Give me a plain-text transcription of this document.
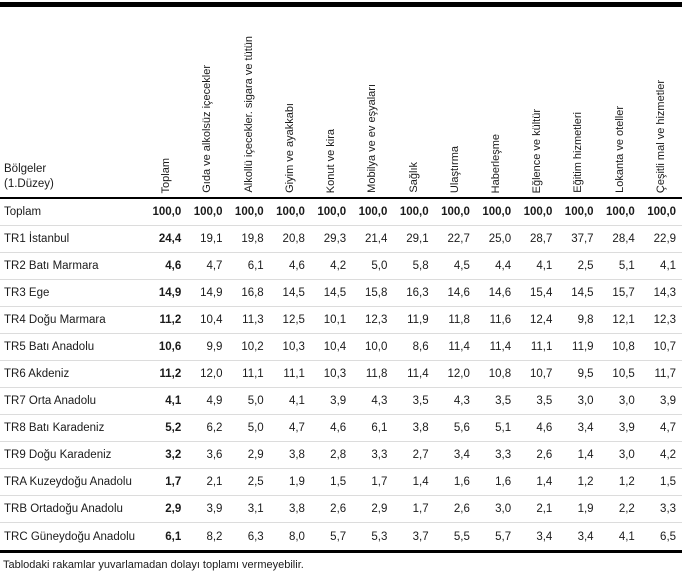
Bölgeler
(1.Düzey)	Toplam	Gıda ve alkolsüz içecekler	Alkollü içecekler. sigara ve tütün	Giyim ve ayakkabı	Konut ve kira	Mobilya ve ev eşyaları	Sağlık	Ulaştırma	Haberleşme	Eğlence ve kültür	Eğitim hizmetleri	Lokanta ve oteller	Çeşitli mal ve hizmetler
Toplam	100,0	100,0	100,0	100,0	100,0	100,0	100,0	100,0	100,0	100,0	100,0	100,0	100,0
TR1 İstanbul	24,4	19,1	19,8	20,8	29,3	21,4	29,1	22,7	25,0	28,7	37,7	28,4	22,9
TR2 Batı Marmara	4,6	4,7	6,1	4,6	4,2	5,0	5,8	4,5	4,4	4,1	2,5	5,1	4,1
TR3 Ege	14,9	14,9	16,8	14,5	14,5	15,8	16,3	14,6	14,6	15,4	14,5	15,7	14,3
TR4 Doğu Marmara	11,2	10,4	11,3	12,5	10,1	12,3	11,9	11,8	11,6	12,4	9,8	12,1	12,3
TR5 Batı Anadolu	10,6	9,9	10,2	10,3	10,4	10,0	8,6	11,4	11,4	11,1	11,9	10,8	10,7
TR6 Akdeniz	11,2	12,0	11,1	11,1	10,3	11,8	11,4	12,0	10,8	10,7	9,5	10,5	11,7
TR7 Orta Anadolu	4,1	4,9	5,0	4,1	3,9	4,3	3,5	4,3	3,5	3,5	3,0	3,0	3,9
TR8 Batı Karadeniz	5,2	6,2	5,0	4,7	4,6	6,1	3,8	5,6	5,1	4,6	3,4	3,9	4,7
TR9 Doğu Karadeniz	3,2	3,6	2,9	3,8	2,8	3,3	2,7	3,4	3,3	2,6	1,4	3,0	4,2
TRA Kuzeydoğu Anadolu	1,7	2,1	2,5	1,9	1,5	1,7	1,4	1,6	1,6	1,4	1,2	1,2	1,5
TRB Ortadoğu Anadolu	2,9	3,9	3,1	3,8	2,6	2,9	1,7	2,6	3,0	2,1	1,9	2,2	3,3
TRC Güneydoğu Anadolu	6,1	8,2	6,3	8,0	5,7	5,3	3,7	5,5	5,7	3,4	3,4	4,1	6,5
Tablodaki rakamlar yuvarlamadan dolayı toplamı vermeyebilir.
